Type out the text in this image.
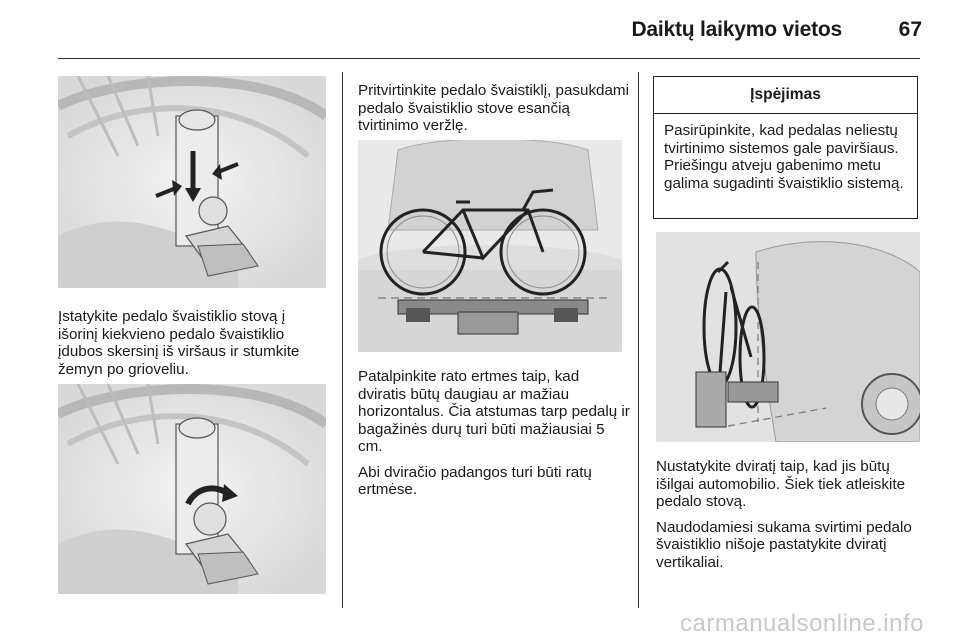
Daiktų laikymo vietos	67

Įstatykite pedalo švaistiklio stovą į išorinį kiekvieno pedalo švaistiklio įdubos skersinį iš viršaus ir stumkite žemyn po grioveliu.

Pritvirtinkite pedalo švaistiklį, pasukdami pedalo švaistiklio stove esančią tvirtinimo veržlę.

Patalpinkite rato ertmes taip, kad dviratis būtų daugiau ar mažiau horizontalus. Čia atstumas tarp pedalų ir bagažinės durų turi būti mažiausiai 5 cm.

Abi dviračio padangos turi būti ratų ertmėse.

Įspėjimas
Pasirūpinkite, kad pedalas neliestų tvirtinimo sistemos gale paviršiaus. Priešingu atveju gabenimo metu galima sugadinti švaistiklio sistemą.

Nustatykite dviratį taip, kad jis būtų išilgai automobilio. Šiek tiek atleiskite pedalo stovą.

Naudodamiesi sukama svirtimi pedalo švaistiklio nišoje pastatykite dviratį vertikaliai.

carmanualsonline.info
